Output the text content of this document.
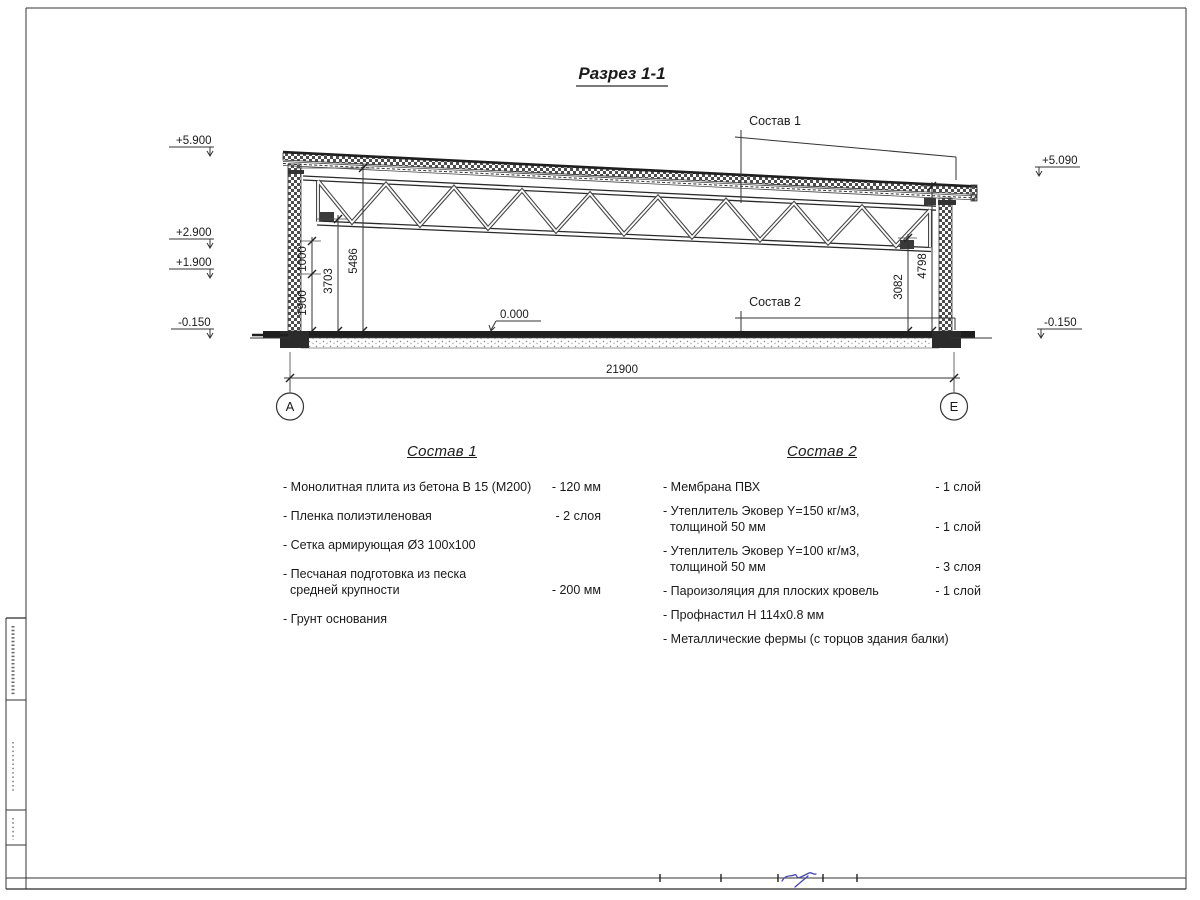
Разрез 1-1
Состав 1
Состав 2
+5.900
+2.900
+1.900
-0.150
+5.090
-0.150
0.000
1900
1000
3703
5486
3082
4798
21900
А	Е
Состав 1
- Монолитная плита из бетона В 15 (М200)	- 120 мм
- Пленка полиэтиленовая	- 2 слоя
- Сетка армирующая Ø3 100х100
- Песчаная подготовка из песка
средней крупности	- 200 мм
- Грунт основания
Состав 2
- Мембрана ПВХ	- 1 слой
- Утеплитель Эковер Y=150 кг/м3,
толщиной 50 мм	- 1 слой
- Утеплитель Эковер Y=100 кг/м3,
толщиной 50 мм	- 3 слоя
- Пароизоляция для плоских кровель	- 1 слой
- Профнастил Н 114х0.8 мм
- Металлические фермы (с торцов здания балки)
